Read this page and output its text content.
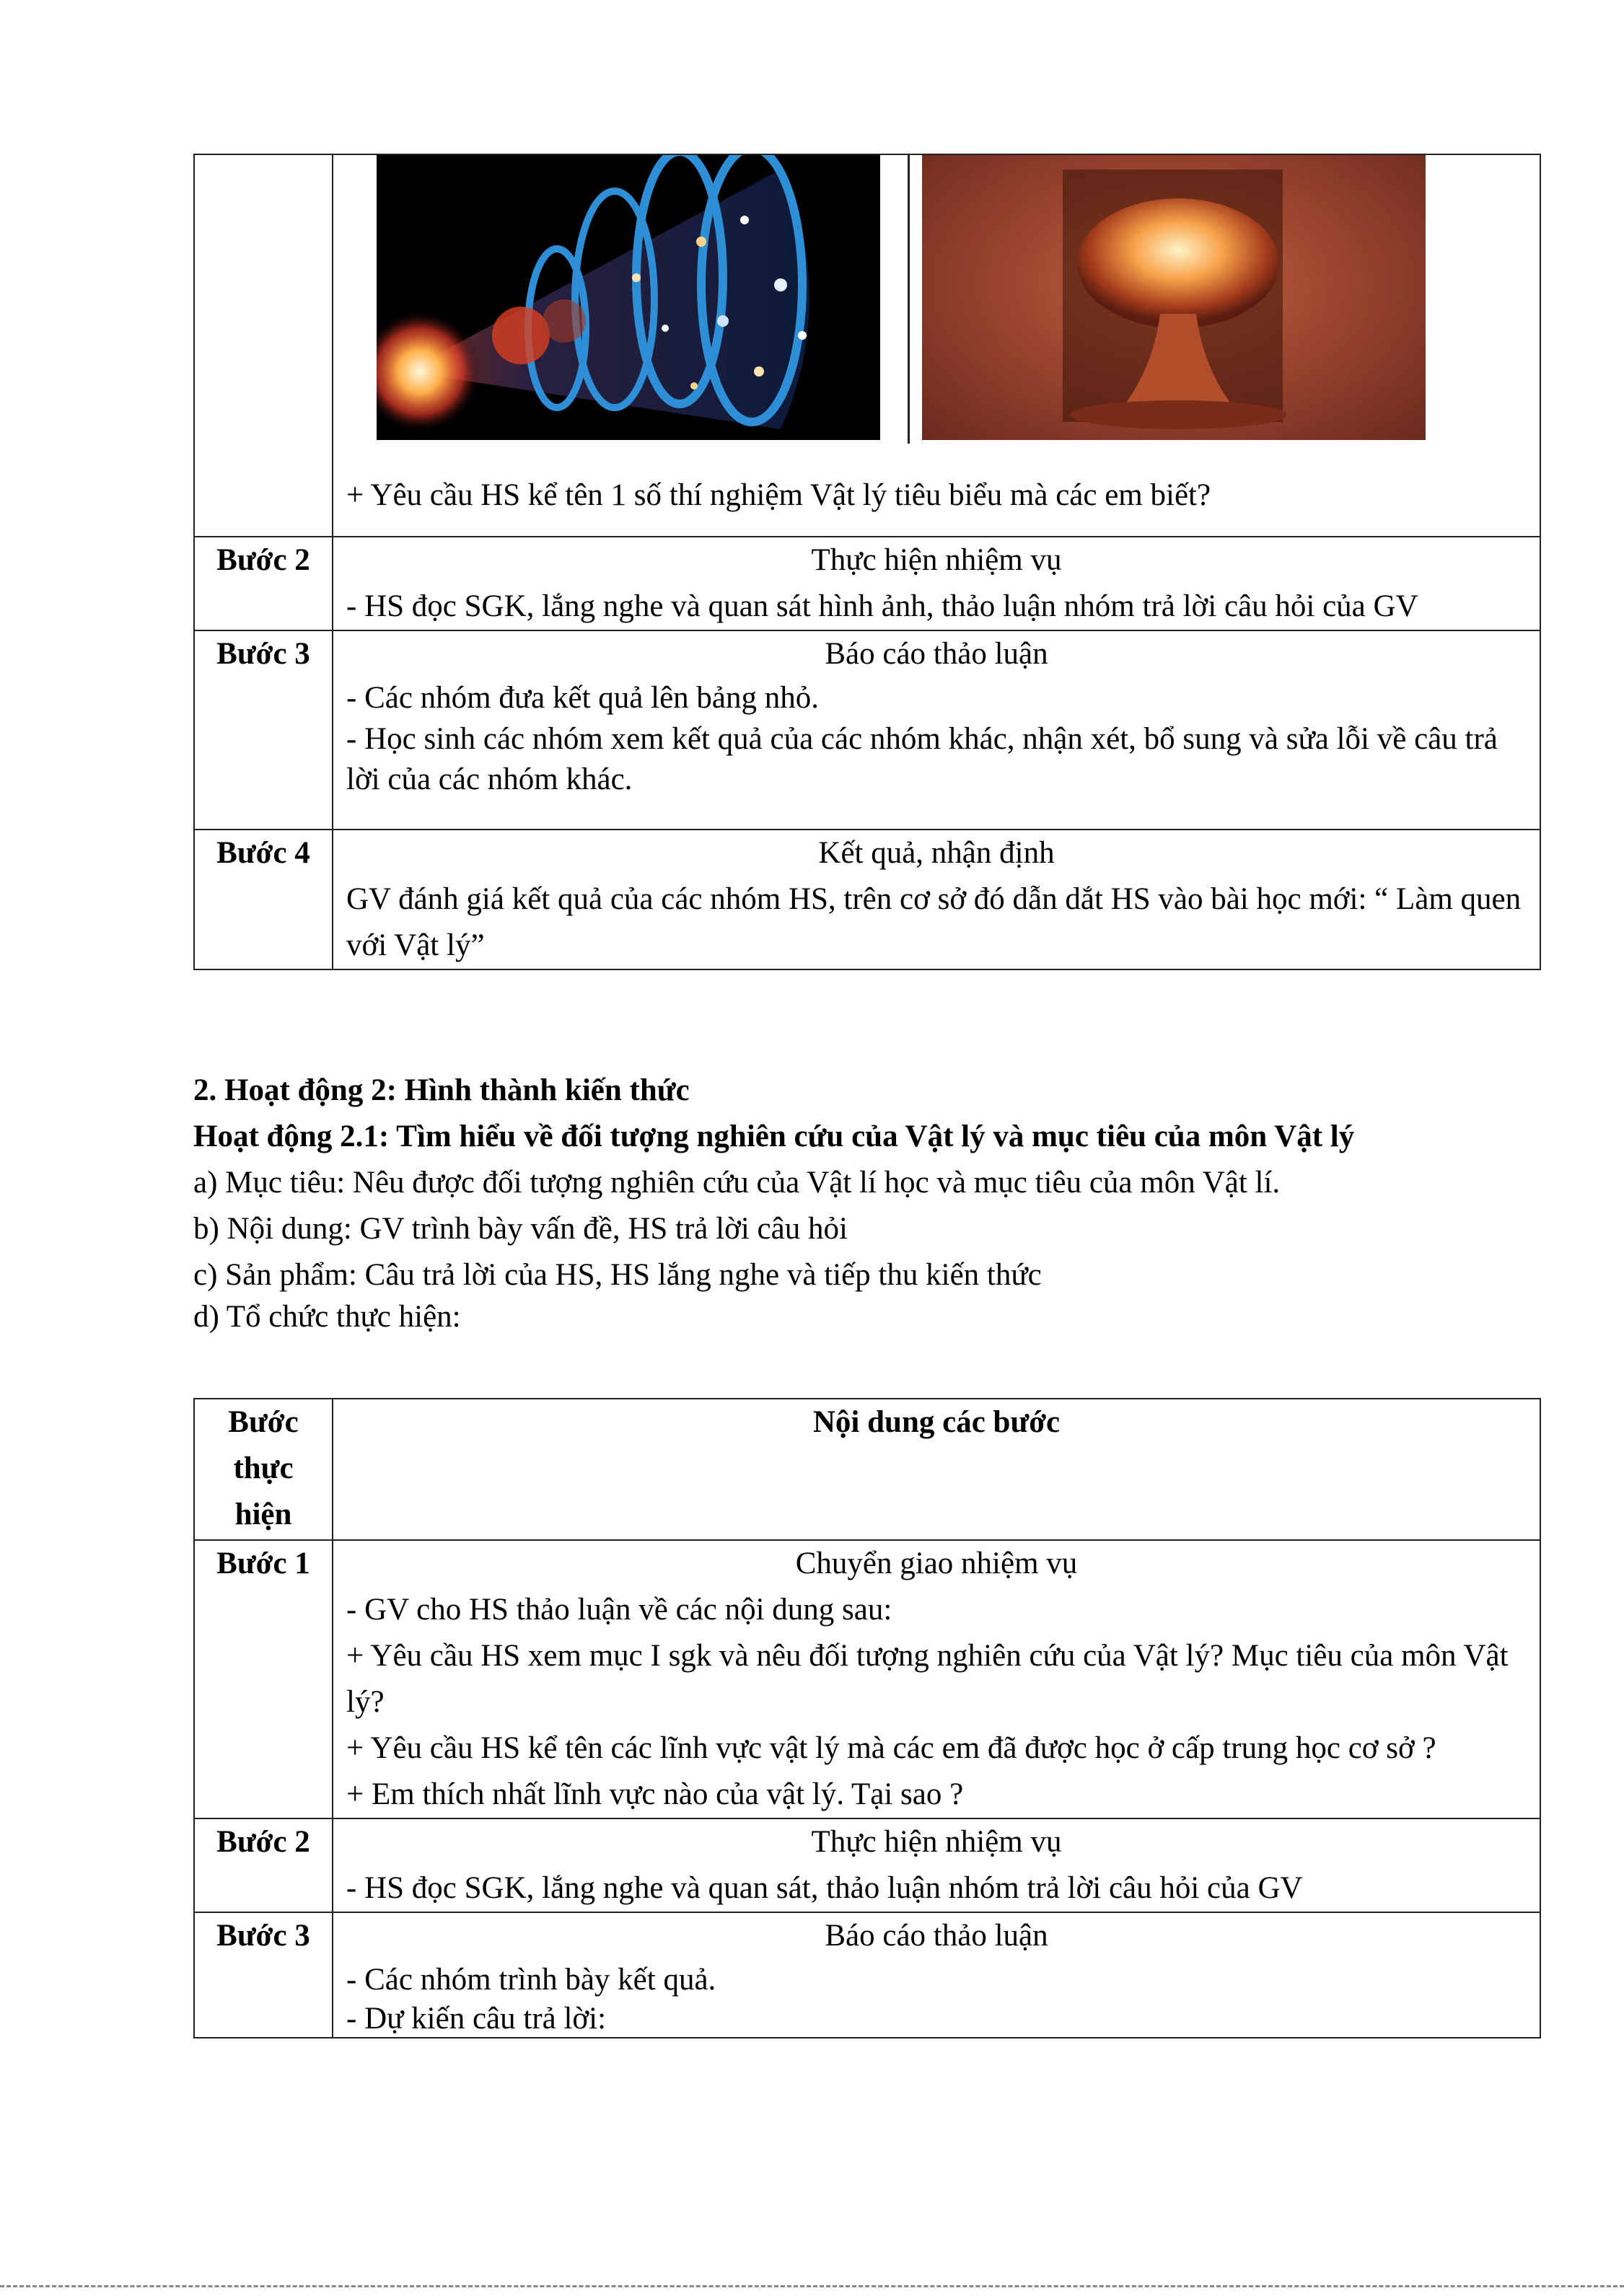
	+ Yêu cầu HS kể tên 1 số thí nghiệm Vật lý tiêu biểu mà các em biết?

Bước 2	Thực hiện nhiệm vụ

- HS đọc SGK, lắng nghe và quan sát hình ảnh, thảo luận nhóm trả lời câu hỏi của GV

Bước 3	Báo cáo thảo luận

- Các nhóm đưa kết quả lên bảng nhỏ.

- Học sinh các nhóm xem kết quả của các nhóm khác, nhận xét, bổ sung và sửa lỗi về câu trả lời của các nhóm khác.

Bước 4	Kết quả, nhận định

GV đánh giá kết quả của các nhóm HS, trên cơ sở đó dẫn dắt HS vào bài học mới: “ Làm quen với Vật lý”

2. Hoạt động 2: Hình thành kiến thức

Hoạt động 2.1: Tìm hiểu về đối tượng nghiên cứu của Vật lý và mục tiêu của môn Vật lý

a) Mục tiêu: Nêu được đối tượng nghiên cứu của Vật lí học và mục tiêu của môn Vật lí.

b) Nội dung: GV trình bày vấn đề, HS trả lời câu hỏi

c) Sản phẩm: Câu trả lời của HS, HS lắng nghe và tiếp thu kiến thức

d) Tổ chức thực hiện:

Bước thực hiện	Nội dung các bước
Bước 1	Chuyển giao nhiệm vụ

- GV cho HS thảo luận về các nội dung sau:

+ Yêu cầu HS xem mục I sgk và nêu đối tượng nghiên cứu của Vật lý? Mục tiêu của môn Vật lý?

+ Yêu cầu HS kể tên các lĩnh vực vật lý mà các em đã được học ở cấp trung học cơ sở ?

+ Em thích nhất lĩnh vực nào của vật lý. Tại sao ?

Bước 2	Thực hiện nhiệm vụ

- HS đọc SGK, lắng nghe và quan sát, thảo luận nhóm trả lời câu hỏi của GV

Bước 3	Báo cáo thảo luận

- Các nhóm trình bày kết quả.

- Dự kiến câu trả lời:
